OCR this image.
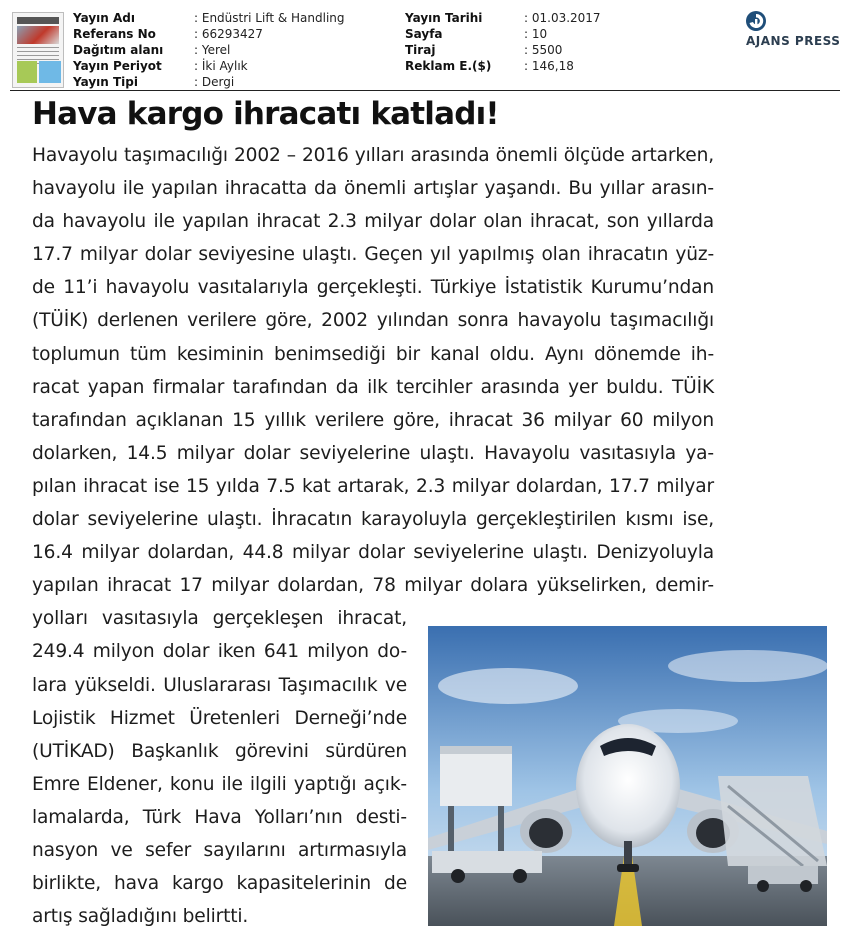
Yayın Adı	: Endüstri Lift & Handling
Referans No	: 66293427
Dağıtım alanı	: Yerel
Yayın Periyot	: İki Aylık
Yayın Tipi	: Dergi
Yayın Tarihi	: 01.03.2017
Sayfa	: 10
Tiraj	: 5500
Reklam E.($)	: 146,18
AJANS PRESS
Hava kargo ihracatı katladı!
Havayolu taşımacılığı 2002 – 2016 yılları arasında önemli ölçüde artarken,
havayolu ile yapılan ihracatta da önemli artışlar yaşandı. Bu yıllar arasın-
da havayolu ile yapılan ihracat 2.3 milyar dolar olan ihracat, son yıllarda
17.7 milyar dolar seviyesine ulaştı. Geçen yıl yapılmış olan ihracatın yüz-
de 11’i havayolu vasıtalarıyla gerçekleşti. Türkiye İstatistik Kurumu’ndan
(TÜİK) derlenen verilere göre, 2002 yılından sonra havayolu taşımacılığı
toplumun tüm kesiminin benimsediği bir kanal oldu. Aynı dönemde ih-
racat yapan firmalar tarafından da ilk tercihler arasında yer buldu. TÜİK
tarafından açıklanan 15 yıllık verilere göre, ihracat 36 milyar 60 milyon
dolarken, 14.5 milyar dolar seviyelerine ulaştı. Havayolu vasıtasıyla ya-
pılan ihracat ise 15 yılda 7.5 kat artarak, 2.3 milyar dolardan, 17.7 milyar
dolar seviyelerine ulaştı. İhracatın karayoluyla gerçekleştirilen kısmı ise,
16.4 milyar dolardan, 44.8 milyar dolar seviyelerine ulaştı. Denizyoluyla
yapılan ihracat 17 milyar dolardan, 78 milyar dolara yükselirken, demir-
yolları vasıtasıyla gerçekleşen ihracat,
249.4 milyon dolar iken 641 milyon do-
lara yükseldi. Uluslararası Taşımacılık ve
Lojistik Hizmet Üretenleri Derneği’nde
(UTİKAD) Başkanlık görevini sürdüren
Emre Eldener, konu ile ilgili yaptığı açık-
lamalarda, Türk Hava Yolları’nın desti-
nasyon ve sefer sayılarını artırmasıyla
birlikte, hava kargo kapasitelerinin de
artış sağladığını belirtti.
